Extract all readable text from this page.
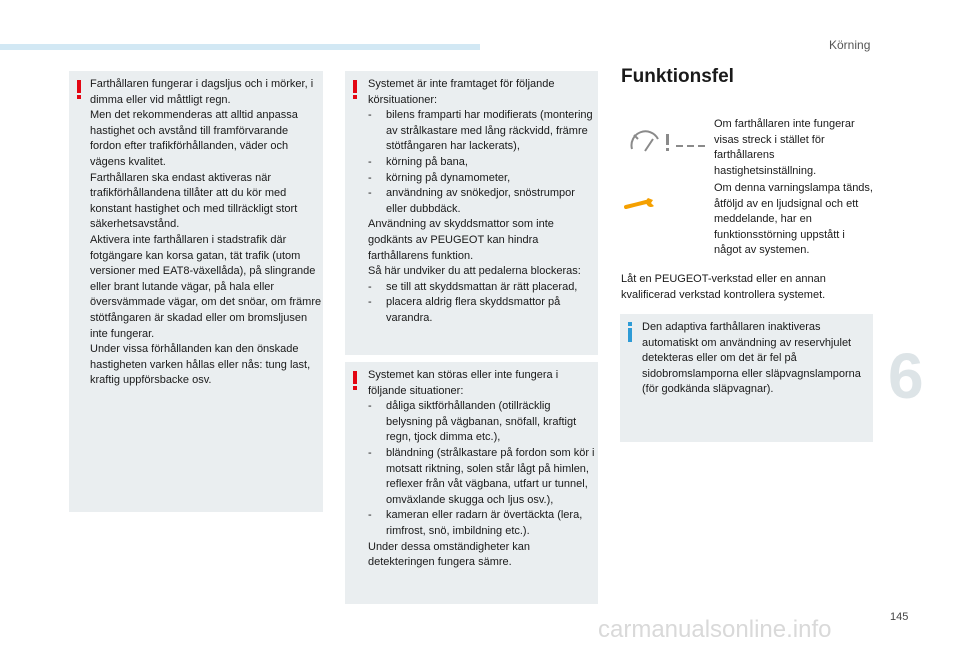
Körning
6
145

Farthållaren fungerar i dagsljus och i mörker, i dimma eller vid måttligt regn.

Men det rekommenderas att alltid anpassa hastighet och avstånd till framförvarande fordon efter trafikförhållanden, väder och vägens kvalitet.

Farthållaren ska endast aktiveras när trafikförhållandena tillåter att du kör med konstant hastighet och med tillräckligt stort säkerhetsavstånd.

Aktivera inte farthållaren i stadstrafik där fotgängare kan korsa gatan, tät trafik (utom versioner med EAT8-växellåda), på slingrande eller brant lutande vägar, på hala eller översvämmade vägar, om det snöar, om främre stötfångaren är skadad eller om bromsljusen inte fungerar.

Under vissa förhållanden kan den önskade hastigheten varken hållas eller nås: tung last, kraftig uppförsbacke osv.

Systemet är inte framtaget för följande körsituationer:

- bilens framparti har modifierats (montering av strålkastare med lång räckvidd, främre stötfångaren har lackerats),
- körning på bana,
- körning på dynamometer,
- användning av snökedjor, snöstrumpor eller dubbdäck.

Användning av skyddsmattor som inte godkänts av PEUGEOT kan hindra farthållarens funktion.

Så här undviker du att pedalerna blockeras:

- se till att skyddsmattan är rätt placerad,
- placera aldrig flera skyddsmattor på varandra.

Systemet kan störas eller inte fungera i följande situationer:

- dåliga siktförhållanden (otillräcklig belysning på vägbanan, snöfall, kraftigt regn, tjock dimma etc.),
- bländning (strålkastare på fordon som kör i motsatt riktning, solen står lågt på himlen, reflexer från våt vägbana, utfart ur tunnel, omväxlande skugga och ljus osv.),
- kameran eller radarn är övertäckta (lera, rimfrost, snö, imbildning etc.).

Under dessa omständigheter kan detekteringen fungera sämre.

Funktionsfel
Om farthållaren inte fungerar visas streck i stället för farthållarens hastighetsinställning.
Om denna varningslampa tänds, åtföljd av en ljudsignal och ett meddelande, har en funktionsstörning uppstått i något av systemen.
Låt en PEUGEOT-verkstad eller en annan kvalificerad verkstad kontrollera systemet.
Den adaptiva farthållaren inaktiveras automatiskt om användning av reservhjulet detekteras eller om det är fel på sidobromslamporna eller släpvagnslamporna (för godkända släpvagnar).
carmanualsonline.info
